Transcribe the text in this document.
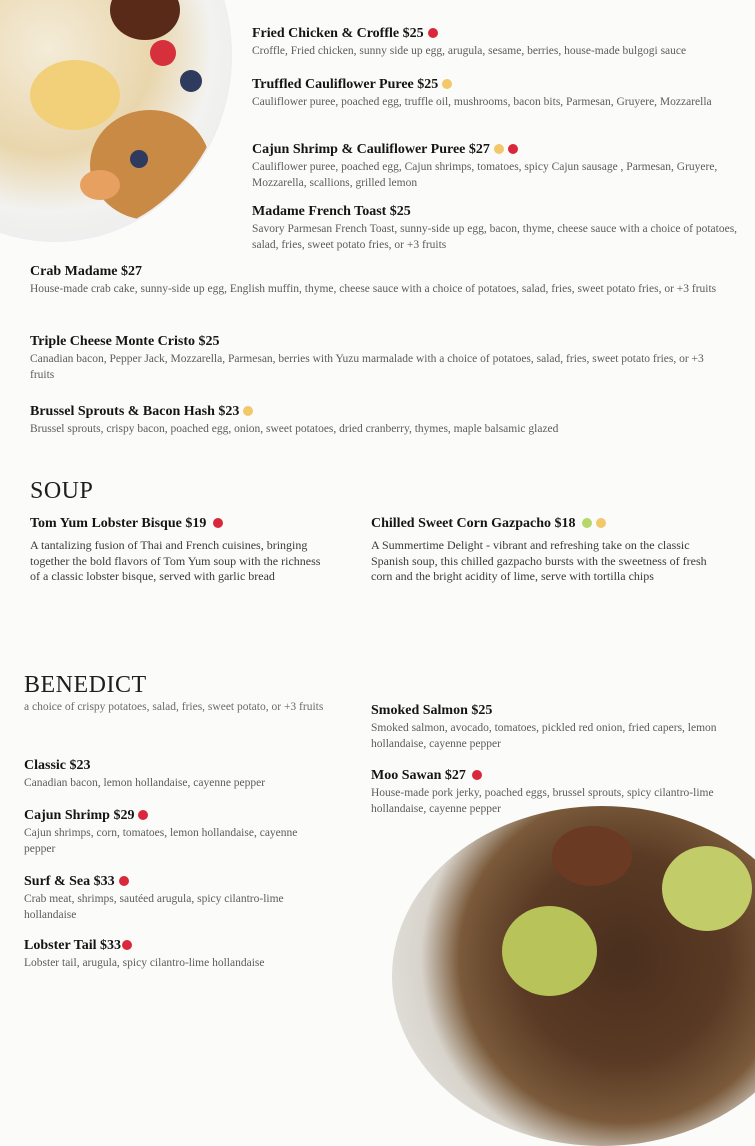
Fried Chicken & Croffle $25
Croffle, Fried chicken, sunny side up egg, arugula, sesame, berries, house-made bulgogi sauce
Truffled Cauliflower Puree $25
Cauliflower puree, poached egg, truffle oil, mushrooms, bacon bits, Parmesan, Gruyere, Mozzarella
Cajun Shrimp & Cauliflower Puree $27
Cauliflower puree, poached egg, Cajun shrimps, tomatoes, spicy Cajun sausage , Parmesan, Gruyere, Mozzarella, scallions, grilled lemon
Madame French Toast $25
Savory Parmesan French Toast, sunny-side up egg, bacon, thyme, cheese sauce with a choice of potatoes, salad, fries, sweet potato fries, or +3 fruits
Crab Madame $27
House-made crab cake, sunny-side up egg, English muffin, thyme, cheese sauce with a choice of potatoes, salad, fries, sweet potato fries, or +3 fruits
Triple Cheese Monte Cristo $25
Canadian bacon, Pepper Jack, Mozzarella, Parmesan, berries with Yuzu marmalade with a choice of potatoes, salad, fries, sweet potato fries, or +3 fruits
Brussel Sprouts & Bacon Hash $23
Brussel sprouts, crispy bacon, poached egg, onion, sweet potatoes, dried cranberry, thymes, maple balsamic glazed
SOUP
Tom Yum Lobster Bisque $19
A tantalizing fusion of Thai and French cuisines, bringing together the bold flavors of Tom Yum soup with the richness of a classic lobster bisque, served with garlic bread
Chilled Sweet Corn Gazpacho $18
A Summertime Delight - vibrant and refreshing take on the classic Spanish soup, this chilled gazpacho bursts with the sweetness of fresh corn and the bright acidity of lime, serve with tortilla chips
BENEDICT
a choice of crispy potatoes, salad, fries, sweet potato, or +3 fruits
Classic $23
Canadian bacon, lemon hollandaise, cayenne pepper
Cajun Shrimp $29
Cajun shrimps, corn, tomatoes, lemon hollandaise, cayenne pepper
Surf & Sea $33
Crab meat, shrimps, sautéed arugula, spicy cilantro-lime hollandaise
Lobster Tail $33
Lobster tail, arugula, spicy cilantro-lime hollandaise
Smoked Salmon $25
Smoked salmon, avocado, tomatoes, pickled red onion, fried capers, lemon hollandaise, cayenne pepper
Moo Sawan $27
House-made pork jerky, poached eggs, brussel sprouts, spicy cilantro-lime hollandaise, cayenne pepper
